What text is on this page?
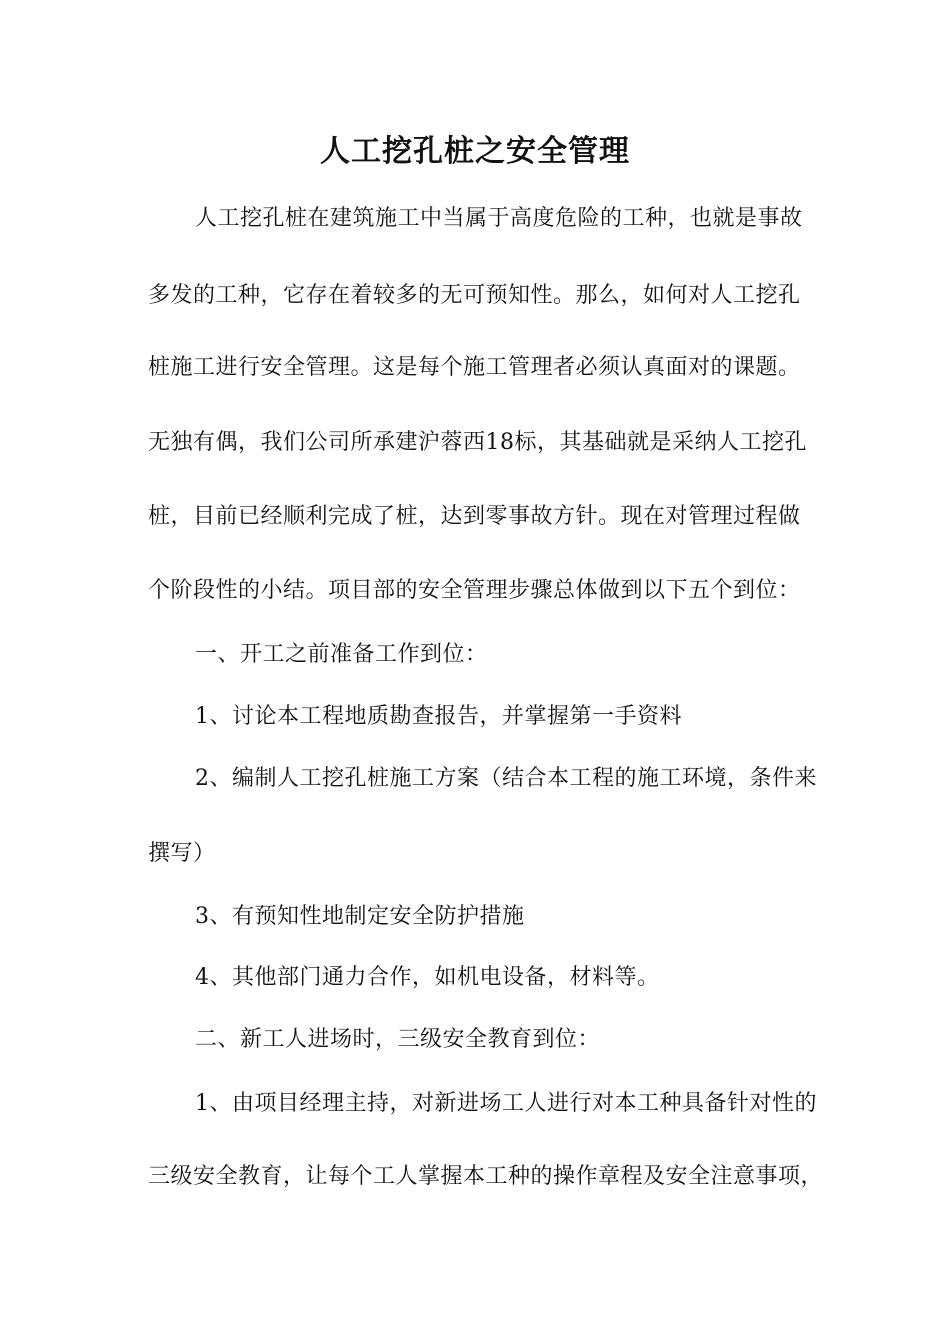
人工挖孔桩之安全管理
人工挖孔桩在建筑施工中当属于高度危险的工种，也就是事故
多发的工种，它存在着较多的无可预知性。那么，如何对人工挖孔
桩施工进行安全管理。这是每个施工管理者必须认真面对的课题。
无独有偶，我们公司所承建沪蓉西18标，其基础就是采纳人工挖孔
桩，目前已经顺利完成了桩，达到零事故方针。现在对管理过程做
个阶段性的小结。项目部的安全管理步骤总体做到以下五个到位：
一、开工之前准备工作到位：
1、讨论本工程地质勘查报告，并掌握第一手资料
2、编制人工挖孔桩施工方案（结合本工程的施工环境，条件来
撰写）
3、有预知性地制定安全防护措施
4、其他部门通力合作，如机电设备，材料等。
二、新工人进场时，三级安全教育到位：
1、由项目经理主持，对新进场工人进行对本工种具备针对性的
三级安全教育，让每个工人掌握本工种的操作章程及安全注意事项，
